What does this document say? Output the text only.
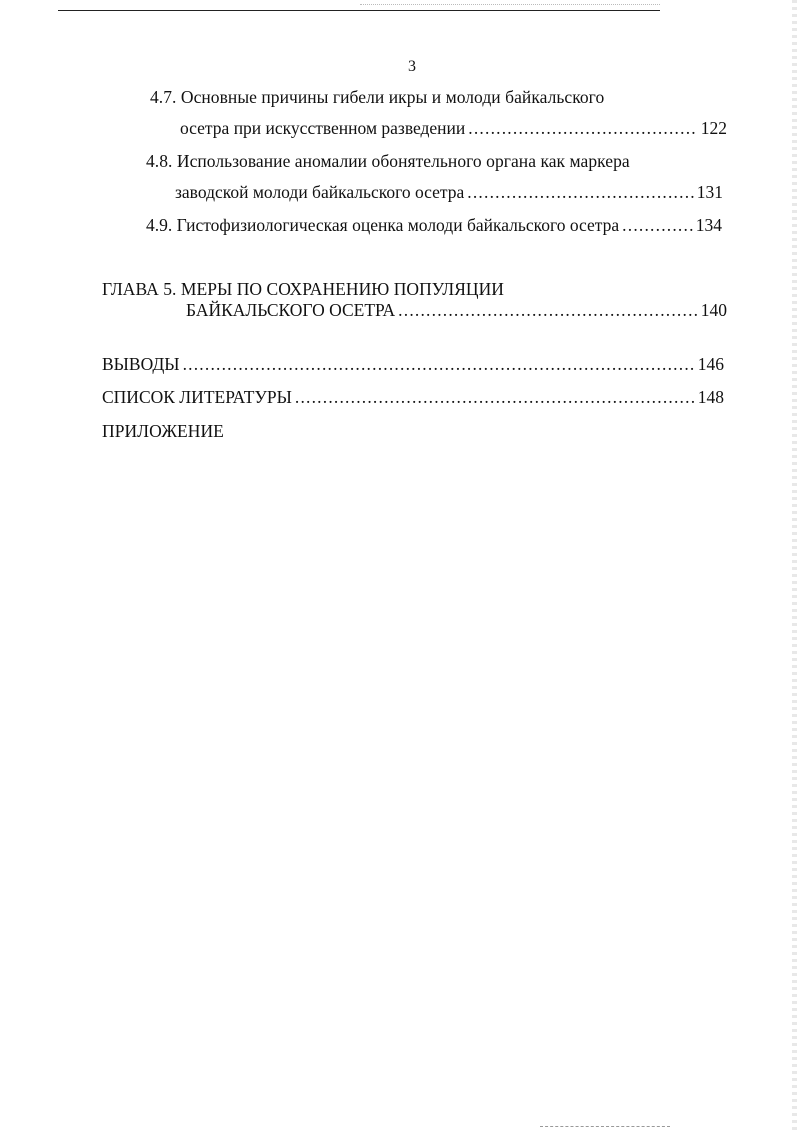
3
4.7. Основные причины гибели икры и молоди байкальского
осетра при искусственном разведении .....	122
4.8. Использование аномалии обонятельного органа как маркера
заводской молоди байкальского осетра .....	131
4.9. Гистофизиологическая оценка молоди байкальского осетра .....	134
ГЛАВА 5. МЕРЫ ПО СОХРАНЕНИЮ ПОПУЛЯЦИИ
БАЙКАЛЬСКОГО ОСЕТРА .....	140
ВЫВОДЫ .....	146
СПИСОК ЛИТЕРАТУРЫ .....	148
ПРИЛОЖЕНИЕ
